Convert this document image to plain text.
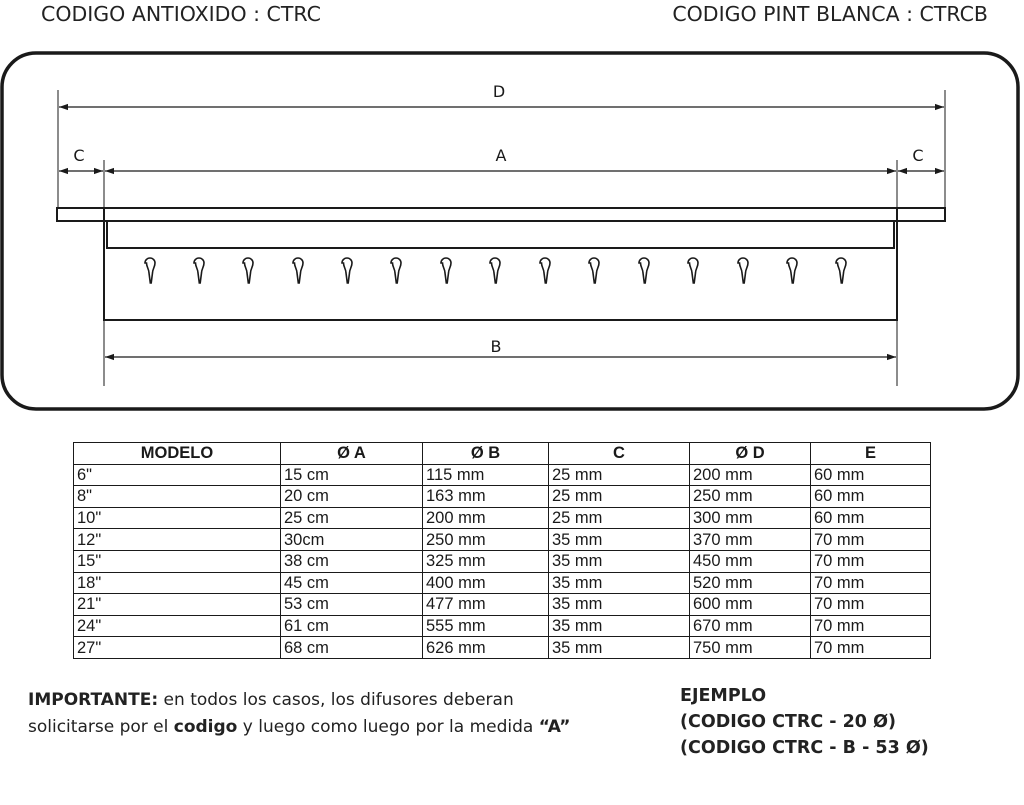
CODIGO ANTIOXIDO : CTRC	CODIGO PINT BLANCA : CTRCB
D
A
C	C
B
MODELO	Ø A	Ø B	C	Ø D	E
6"	15 cm	115 mm	25 mm	200 mm	60 mm
8"	20 cm	163 mm	25 mm	250 mm	60 mm
10"	25 cm	200 mm	25 mm	300 mm	60 mm
12"	30cm	250 mm	35 mm	370 mm	70 mm
15"	38 cm	325 mm	35 mm	450 mm	70 mm
18"	45 cm	400 mm	35 mm	520 mm	70 mm
21"	53 cm	477 mm	35 mm	600 mm	70 mm
24"	61 cm	555 mm	35 mm	670 mm	70 mm
27"	68 cm	626 mm	35 mm	750 mm	70 mm
IMPORTANTE: en todos los casos, los difusores deberan
solicitarse por el codigo y luego como luego por la medida “A”
EJEMPLO
(CODIGO CTRC - 20 Ø)
(CODIGO CTRC - B - 53 Ø)
